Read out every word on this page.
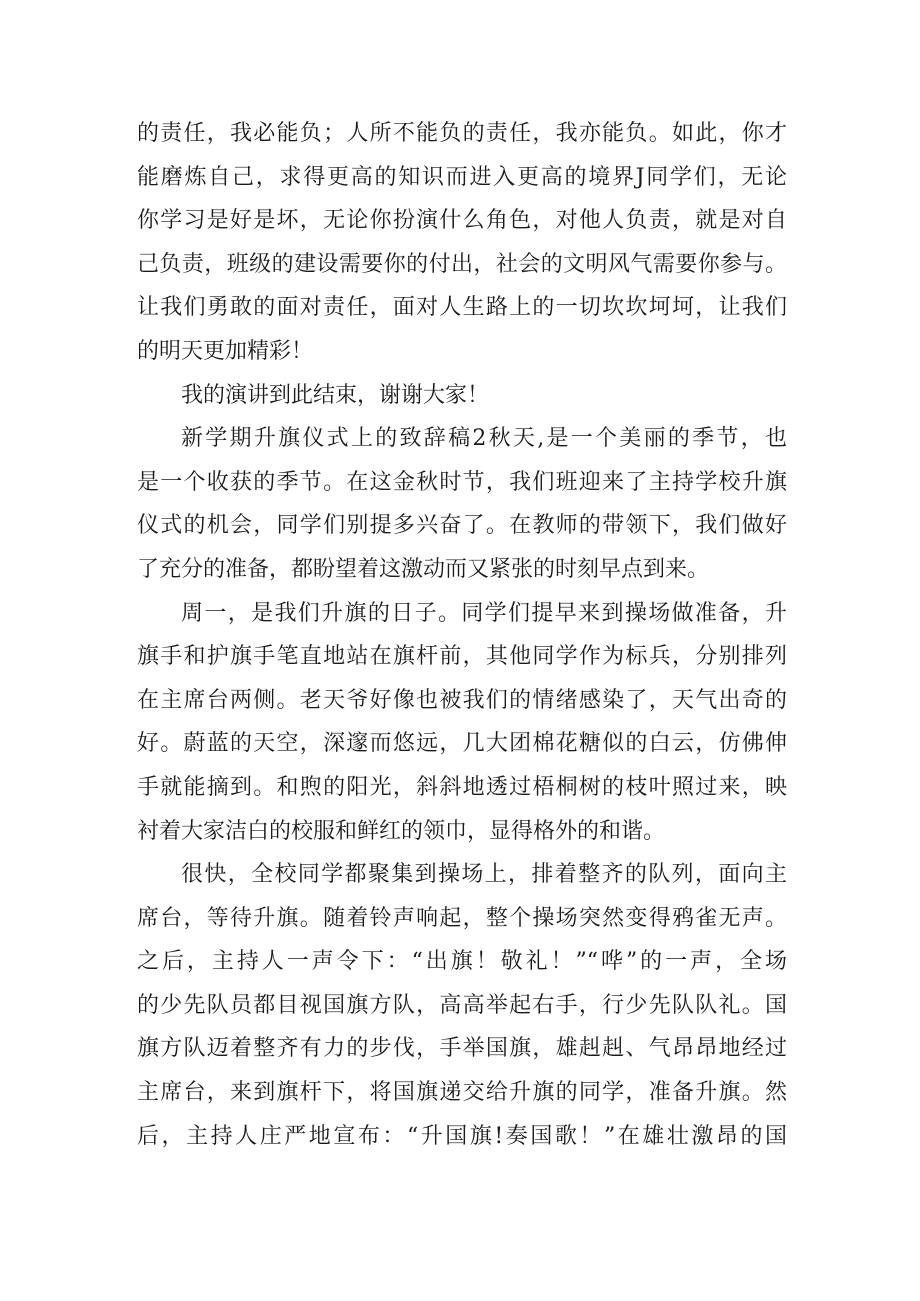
的责任，我必能负；人所不能负的责任，我亦能负。如此，你才
能磨炼自己，求得更高的知识而进入更高的境界J同学们，无论
你学习是好是坏，无论你扮演什么角色，对他人负责，就是对自
己负责，班级的建设需要你的付出，社会的文明风气需要你参与。
让我们勇敢的面对责任，面对人生路上的一切坎坎坷坷，让我们
的明天更加精彩！
我的演讲到此结束，谢谢大家！
新学期升旗仪式上的致辞稿2秋天,是一个美丽的季节，也
是一个收获的季节。在这金秋时节，我们班迎来了主持学校升旗
仪式的机会，同学们别提多兴奋了。在教师的带领下，我们做好
了充分的准备，都盼望着这激动而又紧张的时刻早点到来。
周一，是我们升旗的日子。同学们提早来到操场做准备，升
旗手和护旗手笔直地站在旗杆前，其他同学作为标兵，分别排列
在主席台两侧。老天爷好像也被我们的情绪感染了，天气出奇的
好。蔚蓝的天空，深邃而悠远，几大团棉花糖似的白云，仿佛伸
手就能摘到。和煦的阳光，斜斜地透过梧桐树的枝叶照过来，映
衬着大家洁白的校服和鲜红的领巾，显得格外的和谐。
很快，全校同学都聚集到操场上，排着整齐的队列，面向主
席台，等待升旗。随着铃声响起，整个操场突然变得鸦雀无声。
之后，主持人一声令下：“出旗！敬礼！”“哗”的一声，全场
的少先队员都目视国旗方队，高高举起右手，行少先队队礼。国
旗方队迈着整齐有力的步伐，手举国旗，雄赳赳、气昂昂地经过
主席台，来到旗杆下，将国旗递交给升旗的同学，准备升旗。然
后，主持人庄严地宣布：“升国旗!奏国歌！”在雄壮激昂的国
